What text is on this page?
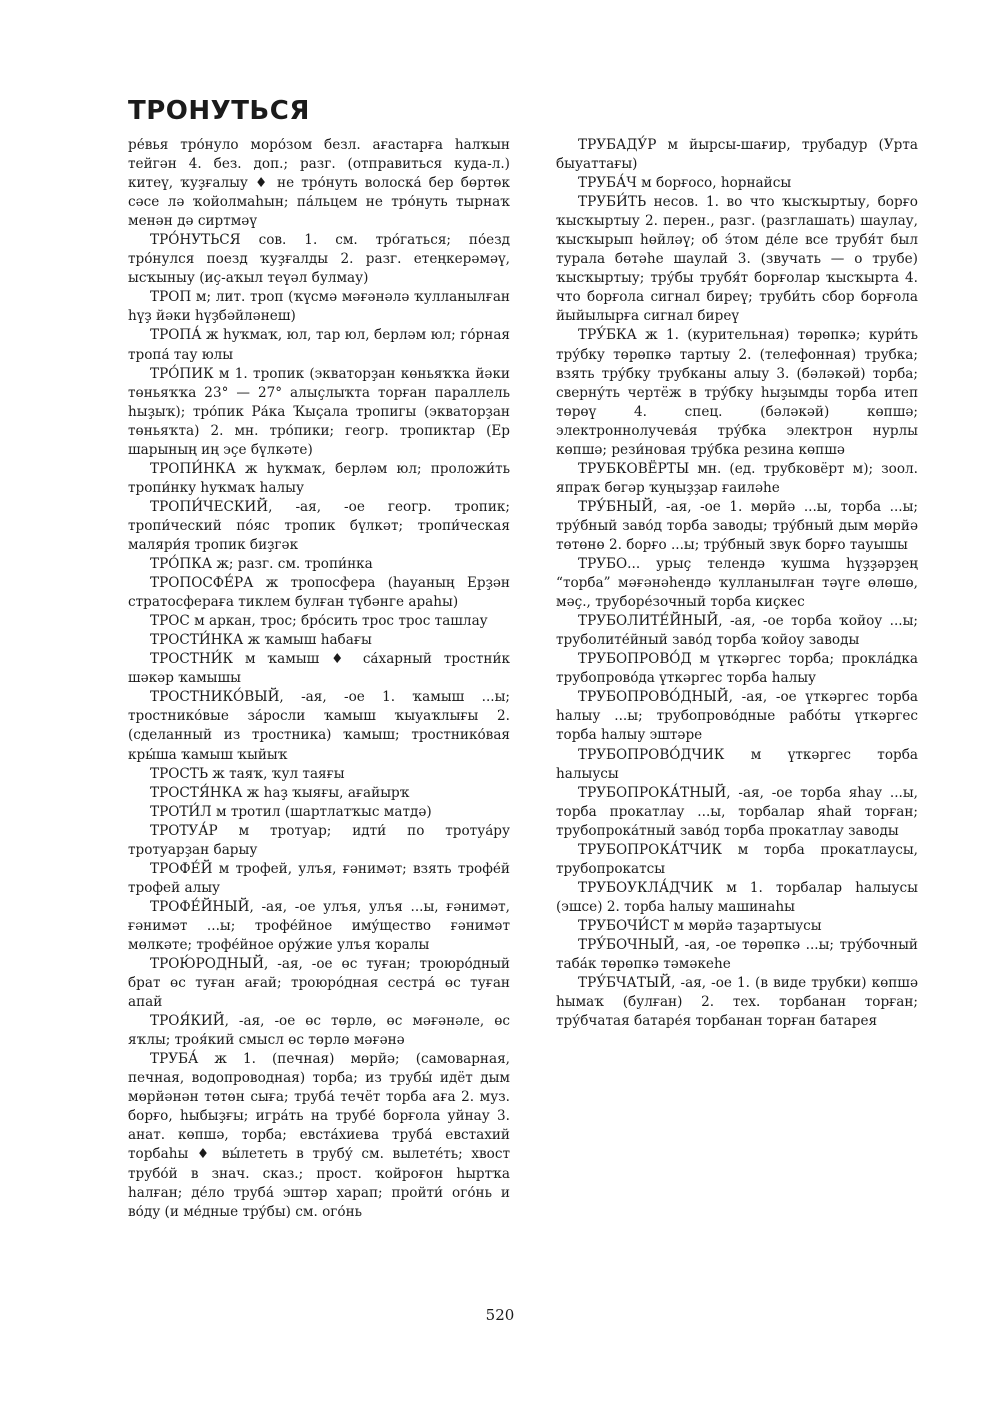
ТРОНУТЬСЯ

ре́вья тро́нуло моро́зом безл. ағастарға һалҡын тейгән 4. без. доп.; разг. (отправиться куда-л.) китеү, ҡуҙғалыу ♦ не тро́нуть волоска́ бер бөртөк сәсе лә ҡойолмаһын; па́льцем не тро́нуть тырнаҡ менән дә сиртмәү

ТРО́НУТЬСЯ сов. 1. см. тро́гаться; по́езд тро́нулся поезд ҡуҙғалды 2. разг. етеңкерәмәү, ысҡыныу (иҫ-аҡыл теүәл булмау)

ТРОП м; лит. троп (ҡүсмә мәғәнәлә ҡулланылған һүҙ йәки һүҙбәйләнеш)

ТРОПА́ ж һуҡмаҡ, юл, тар юл, берләм юл; го́рная тропа́ тау юлы

ТРО́ПИК м 1. тропик (экваторҙан көньяҡҡа йәки төньяҡҡа 23° — 27° алыҫлыҡта торған параллель һыҙыҡ); тро́пик Ра́ка Ҡыҫала тропигы (экваторҙан төньяҡта) 2. мн. тро́пики; геогр. тропиктар (Ер шарының иң эҫе бүлкәте)

ТРОПИ́НКА ж һуҡмаҡ, берләм юл; проложи́ть тропи́нку һуҡмаҡ һалыу

ТРОПИ́ЧЕСКИЙ, -ая, -ое геогр. тропик; тропи́ческий по́яс тропик бүлкәт; тропи́ческая маляри́я тропик биҙгәк

ТРО́ПКА ж; разг. см. тропи́нка

ТРОПОСФЕ́РА ж тропосфера (һауаның Ерҙән стратосфераға тиклем булған түбәнге араһы)

ТРОС м аркан, трос; бро́сить трос трос ташлау

ТРОСТИ́НКА ж ҡамыш һабағы

ТРОСТНИ́К м ҡамыш ♦ са́харный тростни́к шәкәр ҡамышы

ТРОСТНИКО́ВЫЙ, -ая, -ое 1. ҡамыш ...ы; тростнико́вые за́росли ҡамыш ҡыуаҡлығы 2. (сделанный из тростника) ҡамыш; тростнико́вая кры́ша ҡамыш ҡыйыҡ

ТРОСТЬ ж таяҡ, ҡул таяғы

ТРОСТЯ́НКА ж һаҙ ҡыяғы, ағайырҡ

ТРОТИ́Л м тротил (шартлатҡыс матдә)

ТРОТУА́Р м тротуар; идти́ по тротуа́ру тротуарҙан барыу

ТРОФЕ́Й м трофей, улъя, ғәнимәт; взять трофе́й трофей алыу

ТРОФЕ́ЙНЫЙ, -ая, -ое улъя, улъя ...ы, ғәнимәт, ғәнимәт ...ы; трофе́йное иму́щество ғәнимәт мөлкәте; трофе́йное ору́жие улъя ҡоралы

ТРОЮ́РОДНЫЙ, -ая, -ое өс туған; троюро́дный брат өс туған ағай; троюро́дная сестра́ өс туған апай

ТРОЯ́КИЙ, -ая, -ое өс төрлө, өс мәғәнәле, өс яҡлы; троя́кий смысл өс төрлө мәғәнә

ТРУБА́ ж 1. (печная) мөрйә; (самоварная, печная, водопроводная) торба; из трубы́ идёт дым мөрйәнән төтөн сыға; труба́ течёт торба аға 2. муз. борғо, һыбыҙғы; игра́ть на трубе́ борғола уйнау 3. анат. көпшә, торба; евста́хиева труба́ евстахий торбаһы ♦ вы́лететь в трубу́ см. вылете́ть; хвост трубо́й в знач. сказ.; прост. ҡойроғон һыртҡа һалған; де́ло труба́ эштәр харап; пройти́ ого́нь и во́ду (и ме́дные тру́бы) см. ого́нь

ТРУБАДУ́Р м йырсы-шағир, трубадур (Урта быуаттағы)

ТРУБА́Ч м борғосо, һорнайсы

ТРУБИ́ТЬ несов. 1. во что ҡысҡыртыу, борғо ҡысҡыртыу 2. перен., разг. (разглашать) шаулау, ҡысҡырып һөйләү; об э́том де́ле все трубя́т был турала бөтәһе шаулай 3. (звучать — о трубе) ҡысҡыртыу; тру́бы трубя́т борғолар ҡысҡырта 4. что борғола сигнал биреү; труби́ть сбор борғола йыйылырға сигнал биреү

ТРУ́БКА ж 1. (курительная) төрөпкә; кури́ть тру́бку төрөпкә тартыу 2. (телефонная) трубка; взять тру́бку трубканы алыу 3. (бәләкәй) торба; сверну́ть чертёж в тру́бку һыҙымды торба итеп төрөү 4. спец. (бәләкәй) көпшә; электроннолучева́я тру́бка электрон нурлы көпшә; рези́новая тру́бка резина көпшә

ТРУБКОВЁРТЫ мн. (ед. трубковёрт м); зоол. япраҡ бөгәр ҡуңыҙҙар ғаиләһе

ТРУ́БНЫЙ, -ая, -ое 1. мөрйә ...ы, торба ...ы; тру́бный заво́д торба заводы; тру́бный дым мөрйә төтөнө 2. борғо ...ы; тру́бный звук борғо тауышы

ТРУБО... урыҫ телендә ҡушма һүҙҙәрҙең “торба” мәғәнәһендә ҡулланылған тәүге өлөшө, мәҫ., трубоpе́зочный торба киҫкес

ТРУБОЛИТЕ́ЙНЫЙ, -ая, -ое торба ҡойоу ...ы; трубoлите́йный заво́д торба ҡойоу заводы

ТРУБОПРОВО́Д м үткәргес торба; прокла́дка трубопрово́да үткәргес торба һалыу

ТРУБОПРОВО́ДНЫЙ, -ая, -ое үткәргес торба һалыу ...ы; трубопрово́дные рабо́ты үткәргес торба һалыу эштәре

ТРУБОПРОВО́ДЧИК м үткәргес торба һалыусы

ТРУБОПРОКА́ТНЫЙ, -ая, -ое торба яһау ...ы, торба прокатлау ...ы, торбалар яһай торған; трубопрока́тный заво́д торба прокатлау заводы

ТРУБОПРОКА́ТЧИК м торба прокатлаусы, трубопрокатсы

ТРУБОУКЛА́ДЧИК м 1. торбалар һалыусы (эшсе) 2. торба һалыу машинаһы

ТРУБОЧИ́СТ м мөрйә таҙартыусы

ТРУ́БОЧНЫЙ, -ая, -ое төрөпкә ...ы; тру́бочный таба́к төрөпкә тәмәкеһе

ТРУ́БЧАТЫЙ, -ая, -ое 1. (в виде трубки) көпшә һымаҡ (булған) 2. тех. торбанан торған; тру́бчатая батаре́я торбанан торған батарея

520
